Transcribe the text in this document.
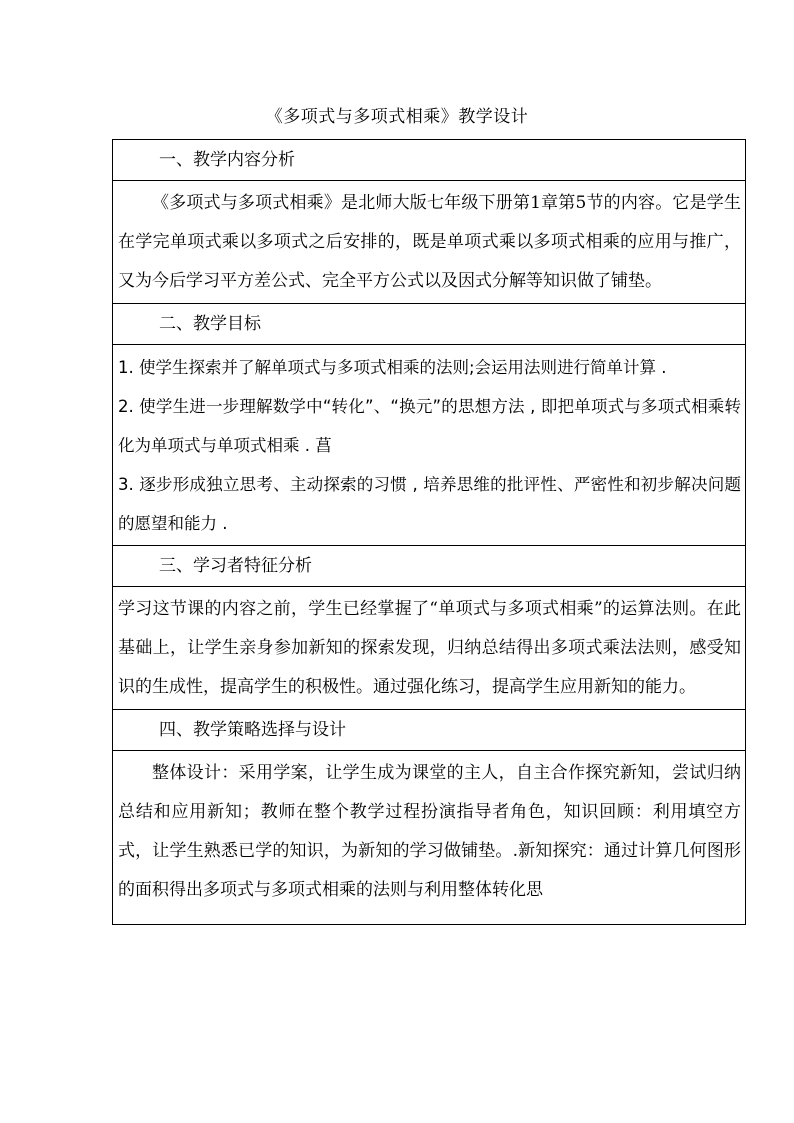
《多项式与多项式相乘》教学设计
一、教学内容分析

《多项式与多项式相乘》是北师大版七年级下册第1章第5节的内容。它是学生在学完单项式乘以多项式之后安排的，既是单项式乘以多项式相乘的应用与推广，又为今后学习平方差公式、完全平方公式以及因式分解等知识做了铺垫。

二、教学目标

1. 使学生探索并了解单项式与多项式相乘的法则;会运用法则进行简单计算 .

2. 使学生进一步理解数学中“转化”、“换元”的思想方法 , 即把单项式与多项式相乘转化为单项式与单项式相乘 . 菖

3. 逐步形成独立思考、主动探索的习惯 , 培养思维的批评性、严密性和初步解决问题的愿望和能力 .

三、学习者特征分析

学习这节课的内容之前，学生已经掌握了“单项式与多项式相乘”的运算法则。在此基础上，让学生亲身参加新知的探索发现，归纳总结得出多项式乘法法则，感受知识的生成性，提高学生的积极性。通过强化练习，提高学生应用新知的能力。

四、教学策略选择与设计

整体设计：采用学案，让学生成为课堂的主人，自主合作探究新知，尝试归纳总结和应用新知；教师在整个教学过程扮演指导者角色，知识回顾：利用填空方式，让学生熟悉已学的知识，为新知的学习做铺垫。.新知探究：通过计算几何图形的面积得出多项式与多项式相乘的法则与利用整体转化思
